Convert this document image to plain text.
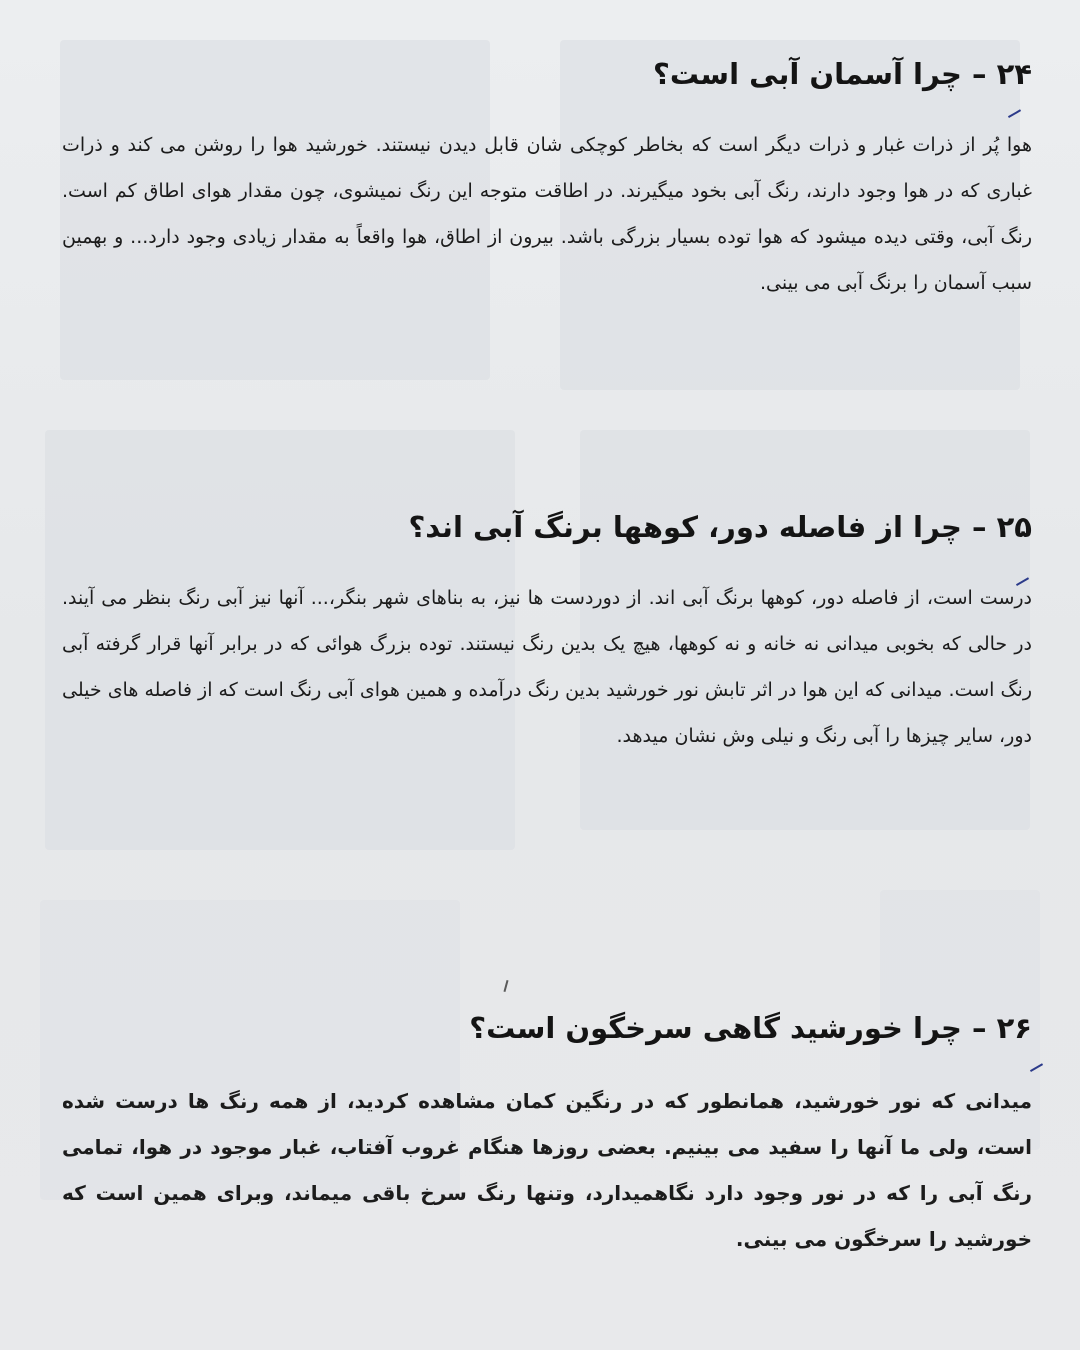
۲۴ – چرا آسمان آبی است؟

هوا پُر از ذرات غبار و ذرات دیگر است که بخاطر کوچکی شان قابل دیدن نیستند. خورشید هوا را روشن می کند و ذرات غباری که در هوا وجود دارند، رنگ آبی بخود میگیرند. در اطاقت متوجه این رنگ نمیشوی، چون مقدار هوای اطاق کم است. رنگ آبی، وقتی دیده میشود که هوا توده بسیار بزرگی باشد. بیرون از اطاق، هوا واقعاً به مقدار زیادی وجود دارد... و بهمین سبب آسمان را برنگ آبی می بینی.

۲۵ – چرا از فاصله دور، کوهها برنگ آبی اند؟

درست است، از فاصله دور، کوهها برنگ آبی اند. از دوردست ها نیز، به بناهای شهر بنگر،... آنها نیز آبی رنگ بنظر می آیند. در حالی که بخوبی میدانی نه خانه و نه کوهها، هیچ یک بدین رنگ نیستند. توده بزرگ هوائی که در برابر آنها قرار گرفته آبی رنگ است. میدانی که این هوا در اثر تابش نور خورشید بدین رنگ درآمده و همین هوای آبی رنگ است که از فاصله های خیلی دور، سایر چیزها را آبی رنگ و نیلی وش نشان میدهد.

۲۶ – چرا خورشید گاهی سرخگون است؟

میدانی که نور خورشید، همانطور که در رنگین کمان مشاهده کردید، از همه رنگ ها درست شده است، ولی ما آنها را سفید می بینیم. بعضی روزها هنگام غروب آفتاب، غبار موجود در هوا، تمامی رنگ آبی را که در نور وجود دارد نگاهمیدارد، وتنها رنگ سرخ باقی میماند، وبرای همین است که خورشید را سرخگون می بینی.
